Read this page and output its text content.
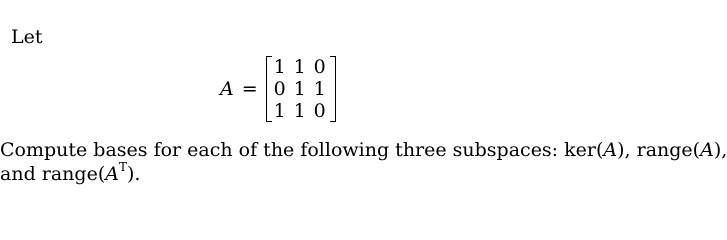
Let
A =
1 1 0
0 1 1
1 1 0
Compute bases for each of the following three subspaces: ker(A), range(A),
and $range(A^T)$.
